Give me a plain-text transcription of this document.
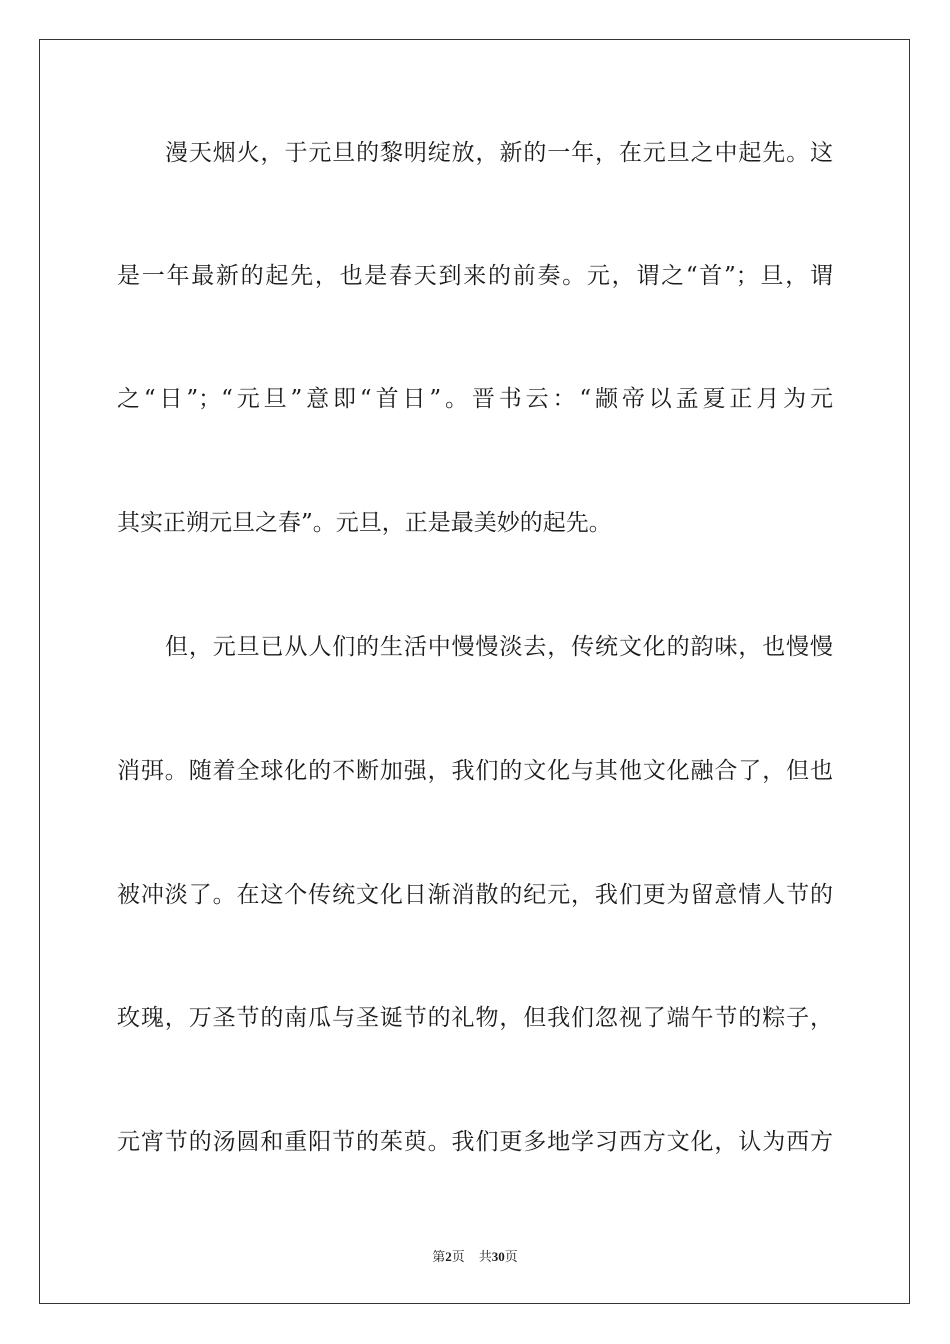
漫天烟火，于元旦的黎明绽放，新的一年，在元旦之中起先。这
是一年最新的起先，也是春天到来的前奏。元，谓之“首”；旦，谓
之“日”；“元旦”意即“首日”。晋书云：“颛帝以孟夏正月为元
其实正朔元旦之春”。元旦，正是最美妙的起先。
但，元旦已从人们的生活中慢慢淡去，传统文化的韵味，也慢慢
消弭。随着全球化的不断加强，我们的文化与其他文化融合了，但也
被冲淡了。在这个传统文化日渐消散的纪元，我们更为留意情人节的
玫瑰，万圣节的南瓜与圣诞节的礼物，但我们忽视了端午节的粽子，
元宵节的汤圆和重阳节的茱萸。我们更多地学习西方文化，认为西方
第2页 共30页
